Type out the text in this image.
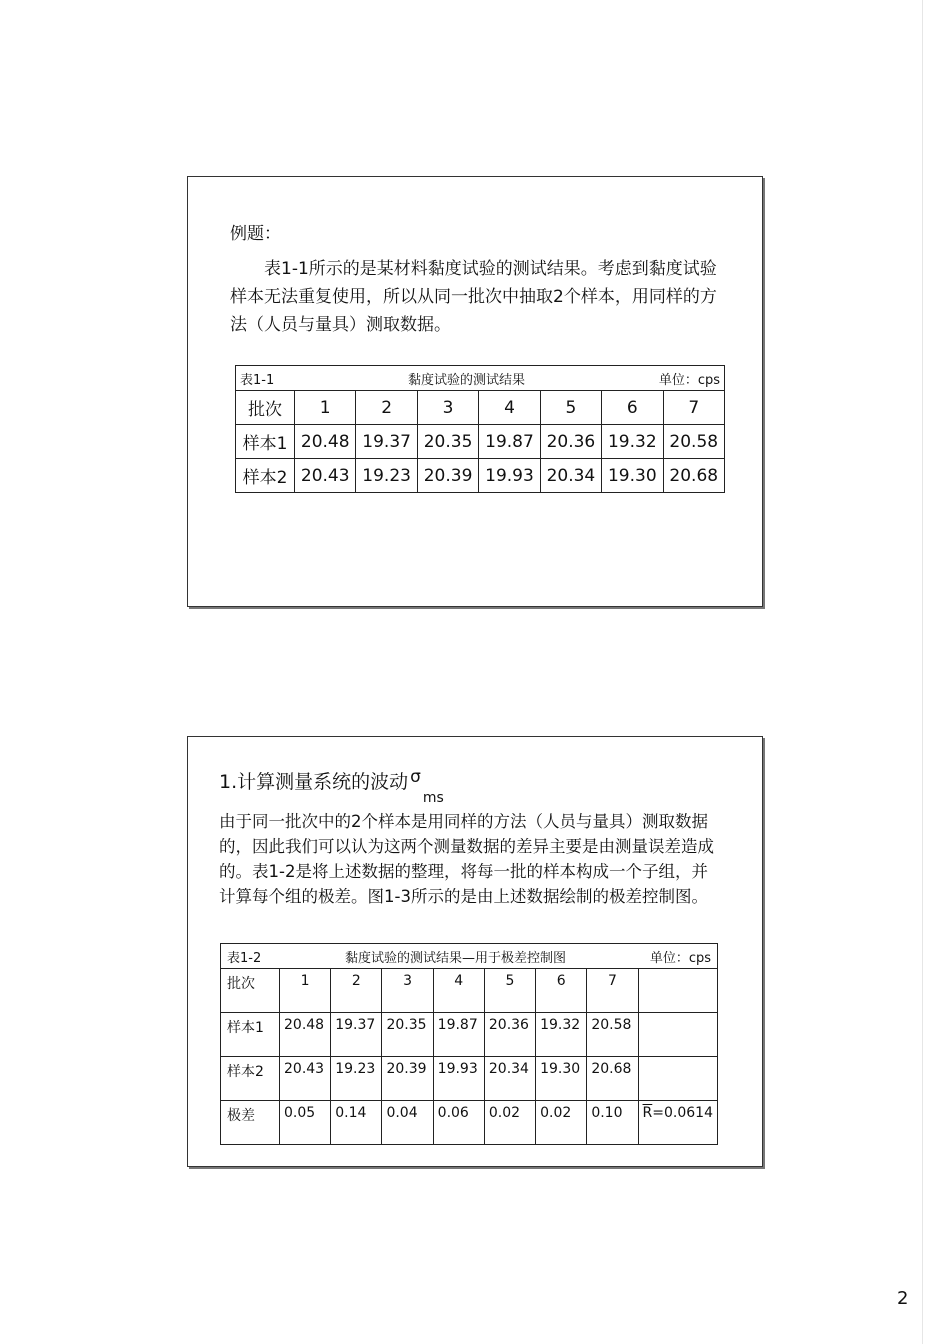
例题：
表1-1所示的是某材料黏度试验的测试结果。考虑到黏度试验样本无法重复使用，所以从同一批次中抽取2个样本，用同样的方法（人员与量具）测取数据。
表1-1 黏度试验的测试结果 单位：cps							

批次	1	2	3	4	5	6	7
样本1	20.48	19.37	20.35	19.87	20.36	19.32	20.58
样本2	20.43	19.23	20.39	19.93	20.34	19.30	20.68
1.计算测量系统的波动 $\sigma_{ms}$
由于同一批次中的2个样本是用同样的方法（人员与量具）测取数据的，因此我们可以认为这两个测量数据的差异主要是由测量误差造成的。表1-2是将上述数据的整理，将每一批的样本构成一个子组，并计算每个组的极差。图1-3所示的是由上述数据绘制的极差控制图。
表1-2 黏度试验的测试结果—用于极差控制图 单位：cps								

批次	1	2	3	4	5	6	7	
样本1	20.48	19.37	20.35	19.87	20.36	19.32	20.58	
样本2	20.43	19.23	20.39	19.93	20.34	19.30	20.68	
极差	0.05	0.14	0.04	0.06	0.02	0.02	0.10	$\overline{R}=0.0614$
2
